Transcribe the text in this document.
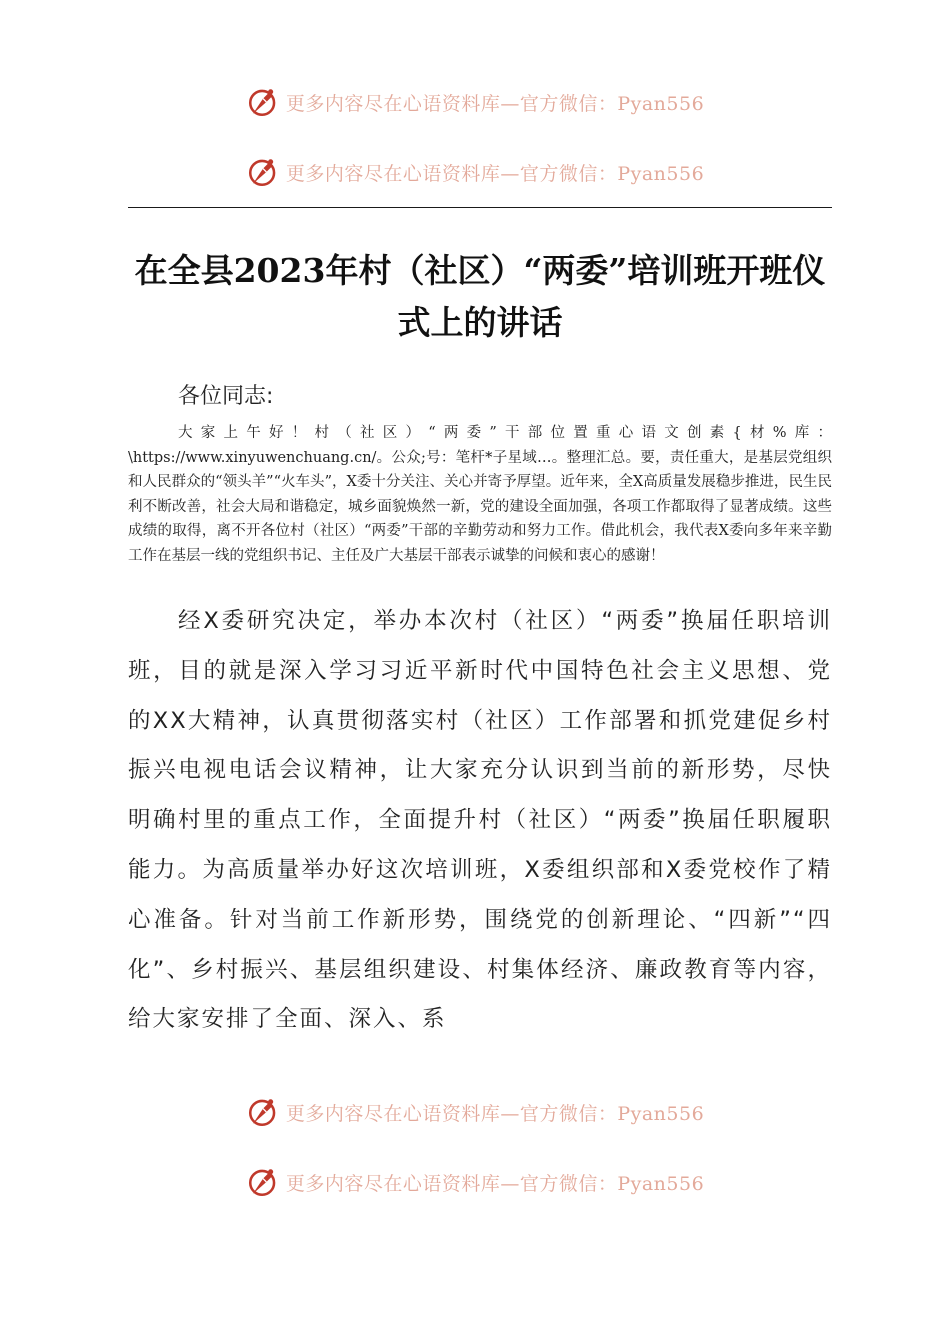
更多内容尽在心语资料库—官方微信：Pyan556
更多内容尽在心语资料库—官方微信：Pyan556
在全县2023年村（社区）“两委”培训班开班仪式上的讲话
各位同志:

大家上午好！村（社区）“两委”干部位置重心语文创素{材%库：\https://www.xinyuwenchuang.cn/。公众;号：笔杆*子星域…。整理汇总。要，责任重大，是基层党组织和人民群众的“领头羊”“火车头”，X委十分关注、关心并寄予厚望。近年来，全X高质量发展稳步推进，民生民利不断改善，社会大局和谐稳定，城乡面貌焕然一新，党的建设全面加强，各项工作都取得了显著成绩。这些成绩的取得，离不开各位村（社区）“两委”干部的辛勤劳动和努力工作。借此机会，我代表X委向多年来辛勤工作在基层一线的党组织书记、主任及广大基层干部表示诚挚的问候和衷心的感谢！

经X委研究决定，举办本次村（社区）“两委”换届任职培训班，目的就是深入学习习近平新时代中国特色社会主义思想、党的XX大精神，认真贯彻落实村（社区）工作部署和抓党建促乡村振兴电视电话会议精神，让大家充分认识到当前的新形势，尽快明确村里的重点工作，全面提升村（社区）“两委”换届任职履职能力。为高质量举办好这次培训班，X委组织部和X委党校作了精心准备。针对当前工作新形势，围绕党的创新理论、“四新”“四化”、乡村振兴、基层组织建设、村集体经济、廉政教育等内容，给大家安排了全面、深入、系

更多内容尽在心语资料库—官方微信：Pyan556
更多内容尽在心语资料库—官方微信：Pyan556
